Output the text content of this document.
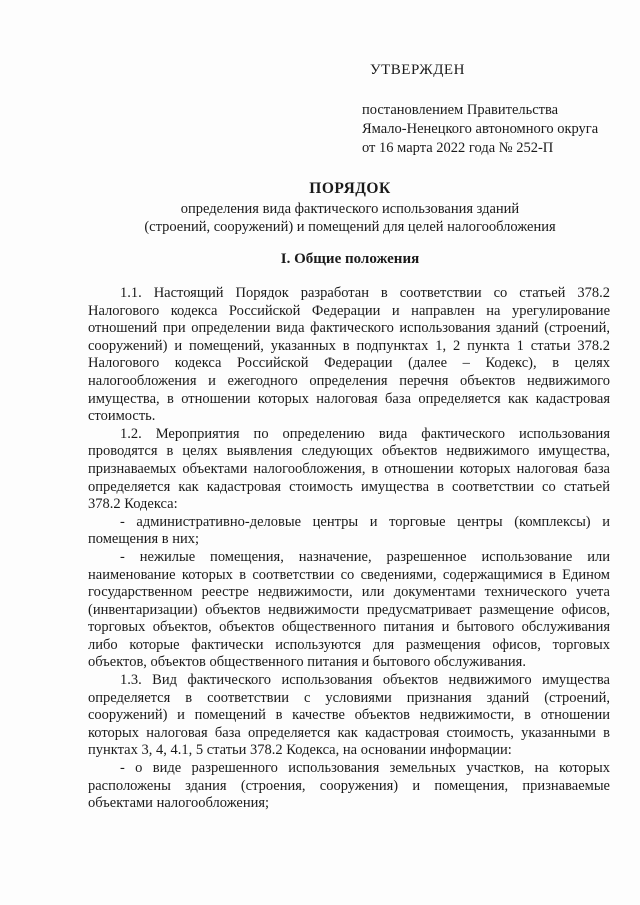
УТВЕРЖДЕН
постановлением Правительства
Ямало-Ненецкого автономного округа
от 16 марта 2022 года № 252-П
ПОРЯДОК
определения вида фактического использования зданий
(строений, сооружений) и помещений для целей налогообложения
I. Общие положения

1.1. Настоящий Порядок разработан в соответствии со статьей 378.2 Налогового кодекса Российской Федерации и направлен на урегулирование отношений при определении вида фактического использования зданий (строений, сооружений) и помещений, указанных в подпунктах 1, 2 пункта 1 статьи 378.2 Налогового кодекса Российской Федерации (далее – Кодекс), в целях налогообложения и ежегодного определения перечня объектов недвижимого имущества, в отношении которых налоговая база определяется как кадастровая стоимость.

1.2. Мероприятия по определению вида фактического использования проводятся в целях выявления следующих объектов недвижимого имущества, признаваемых объектами налогообложения, в отношении которых налоговая база определяется как кадастровая стоимость имущества в соответствии со статьей 378.2 Кодекса:

- административно-деловые центры и торговые центры (комплексы) и помещения в них;

- нежилые помещения, назначение, разрешенное использование или наименование которых в соответствии со сведениями, содержащимися в Едином государственном реестре недвижимости, или документами технического учета (инвентаризации) объектов недвижимости предусматривает размещение офисов, торговых объектов, объектов общественного питания и бытового обслуживания либо которые фактически используются для размещения офисов, торговых объектов, объектов общественного питания и бытового обслуживания.

1.3. Вид фактического использования объектов недвижимого имущества определяется в соответствии с условиями признания зданий (строений, сооружений) и помещений в качестве объектов недвижимости, в отношении которых налоговая база определяется как кадастровая стоимость, указанными в пунктах 3, 4, 4.1, 5 статьи 378.2 Кодекса, на основании информации:

- о виде разрешенного использования земельных участков, на которых расположены здания (строения, сооружения) и помещения, признаваемые объектами налогообложения;
